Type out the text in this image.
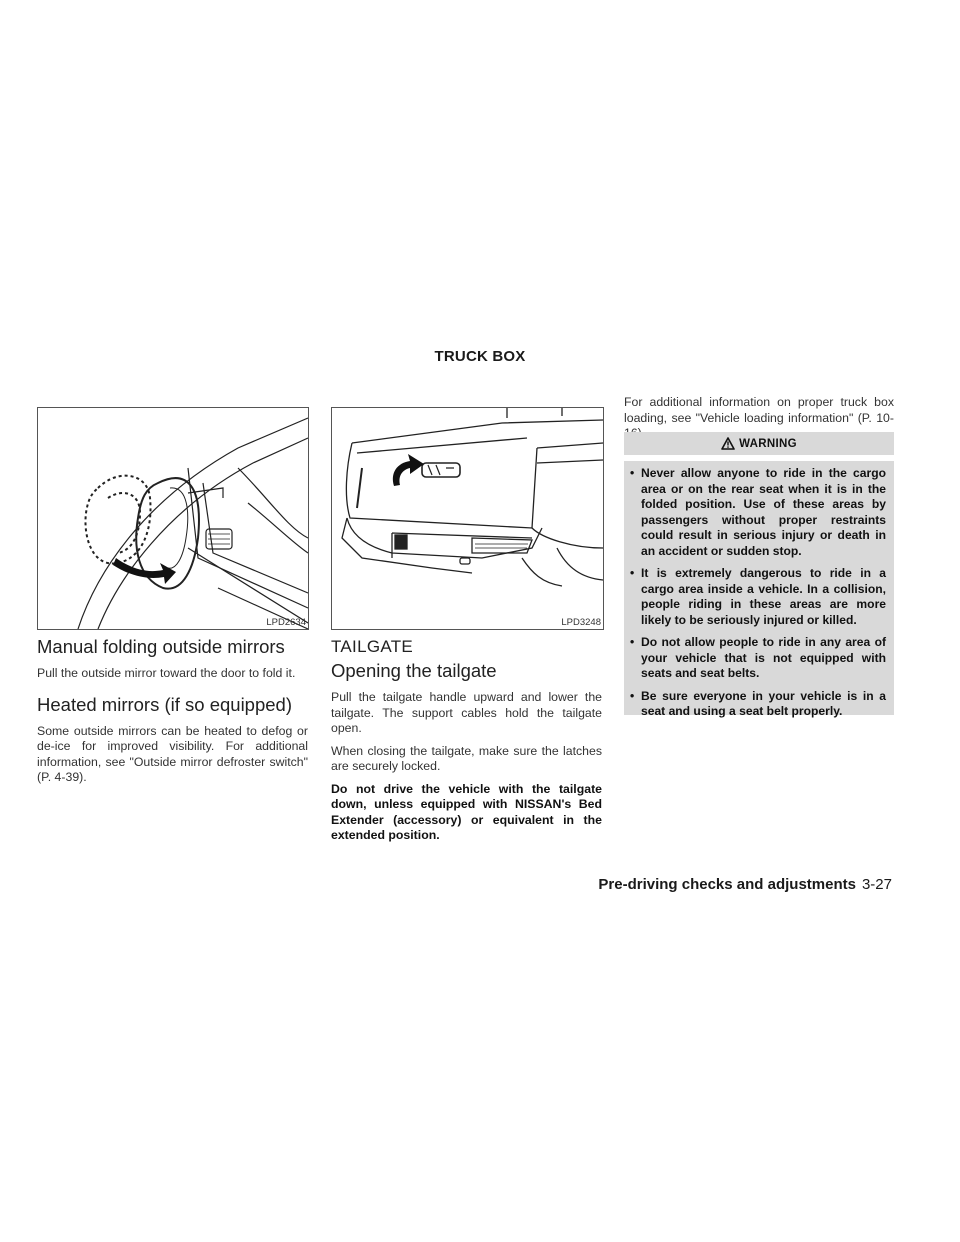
TRUCK BOX
LPD2634	LPD3248
Manual folding outside mirrors

Pull the outside mirror toward the door to fold it.

Heated mirrors (if so equipped)

Some outside mirrors can be heated to defog or de-ice for improved visibility. For additional information, see "Outside mirror defroster switch" (P. 4-39).

TAILGATE
Opening the tailgate

Pull the tailgate handle upward and lower the tailgate. The support cables hold the tailgate open.

When closing the tailgate, make sure the latches are securely locked.

Do not drive the vehicle with the tailgate down, unless equipped with NISSAN's Bed Extender (accessory) or equivalent in the extended position.

For additional information on proper truck box loading, see "Vehicle loading information" (P. 10-

WARNING
• Never allow anyone to ride in the cargo area or on the rear seat when it is in the folded position. Use of these areas by passengers without proper restraints could result in serious injury or death in an accident or sudden stop.
• It is extremely dangerous to ride in a cargo area inside a vehicle. In a collision, people riding in these areas are more likely to be seriously injured or killed.
• Do not allow people to ride in any area of your vehicle that is not equipped with seats and seat belts.
• Be sure everyone in your vehicle is in a seat and using a seat belt properly.
Pre-driving checks and adjustments 3-27
